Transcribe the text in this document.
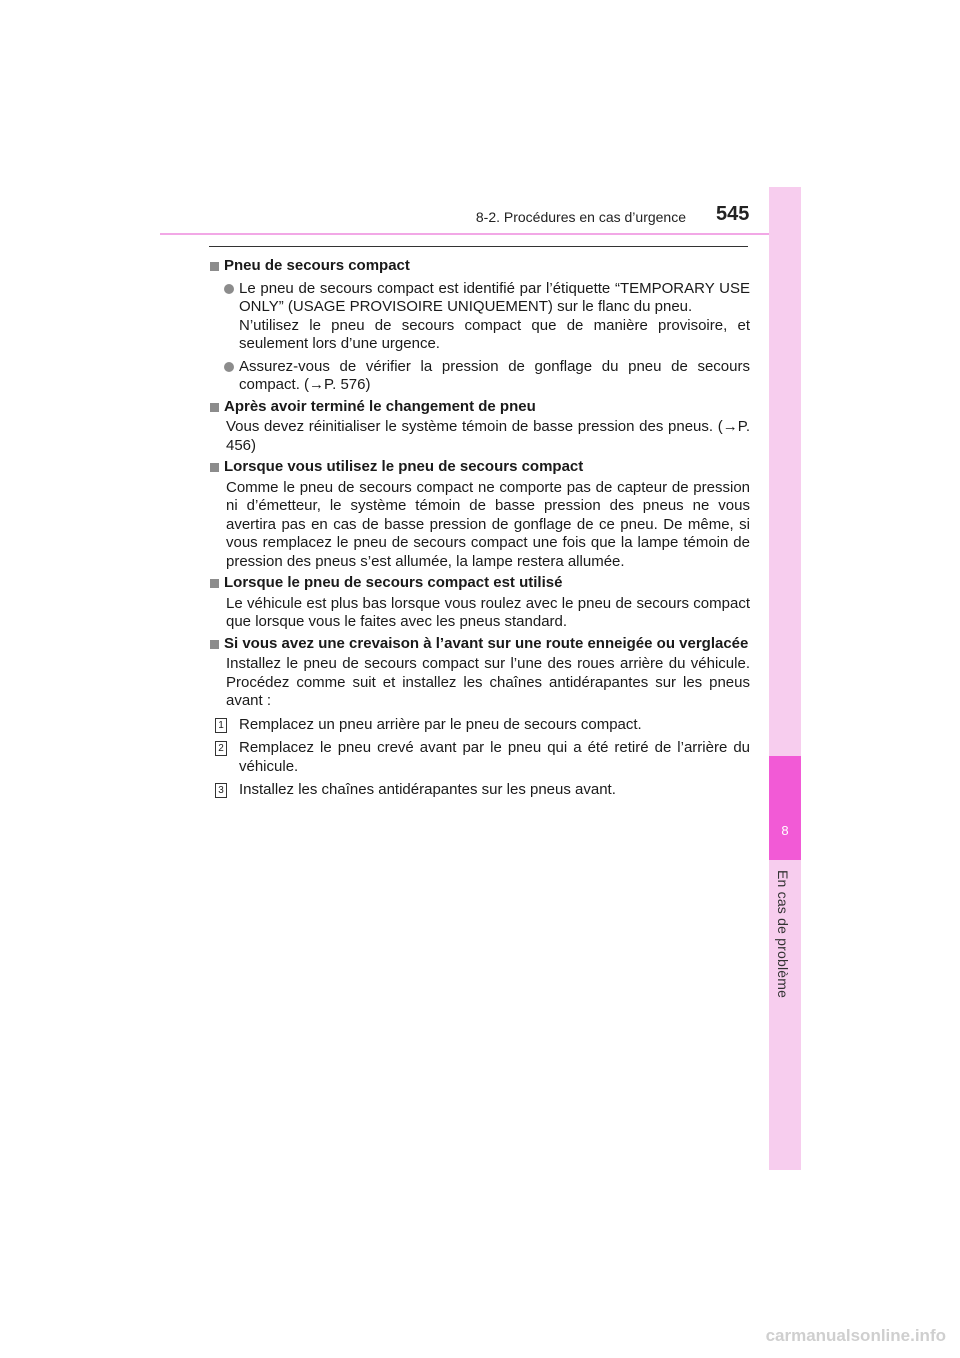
8-2. Procédures en cas d’urgence 545
8
En cas de problème
Pneu de secours compact
Le pneu de secours compact est identifié par l’étiquette “TEMPORARY USE ONLY” (USAGE PROVISOIRE UNIQUEMENT) sur le flanc du pneu.
N’utilisez le pneu de secours compact que de manière provisoire, et seulement lors d’une urgence.
Assurez-vous de vérifier la pression de gonflage du pneu de secours compact. (→P. 576)
Après avoir terminé le changement de pneu
Vous devez réinitialiser le système témoin de basse pression des pneus. (→P. 456)
Lorsque vous utilisez le pneu de secours compact
Comme le pneu de secours compact ne comporte pas de capteur de pression ni d’émetteur, le système témoin de basse pression des pneus ne vous avertira pas en cas de basse pression de gonflage de ce pneu. De même, si vous remplacez le pneu de secours compact une fois que la lampe témoin de pression des pneus s’est allumée, la lampe restera allumée.
Lorsque le pneu de secours compact est utilisé
Le véhicule est plus bas lorsque vous roulez avec le pneu de secours compact que lorsque vous le faites avec les pneus standard.
Si vous avez une crevaison à l’avant sur une route enneigée ou verglacée
Installez le pneu de secours compact sur l’une des roues arrière du véhicule. Procédez comme suit et installez les chaînes antidérapantes sur les pneus avant :
1 Remplacez un pneu arrière par le pneu de secours compact.
2 Remplacez le pneu crevé avant par le pneu qui a été retiré de l’arrière du véhicule.
3 Installez les chaînes antidérapantes sur les pneus avant.
carmanualsonline.info
